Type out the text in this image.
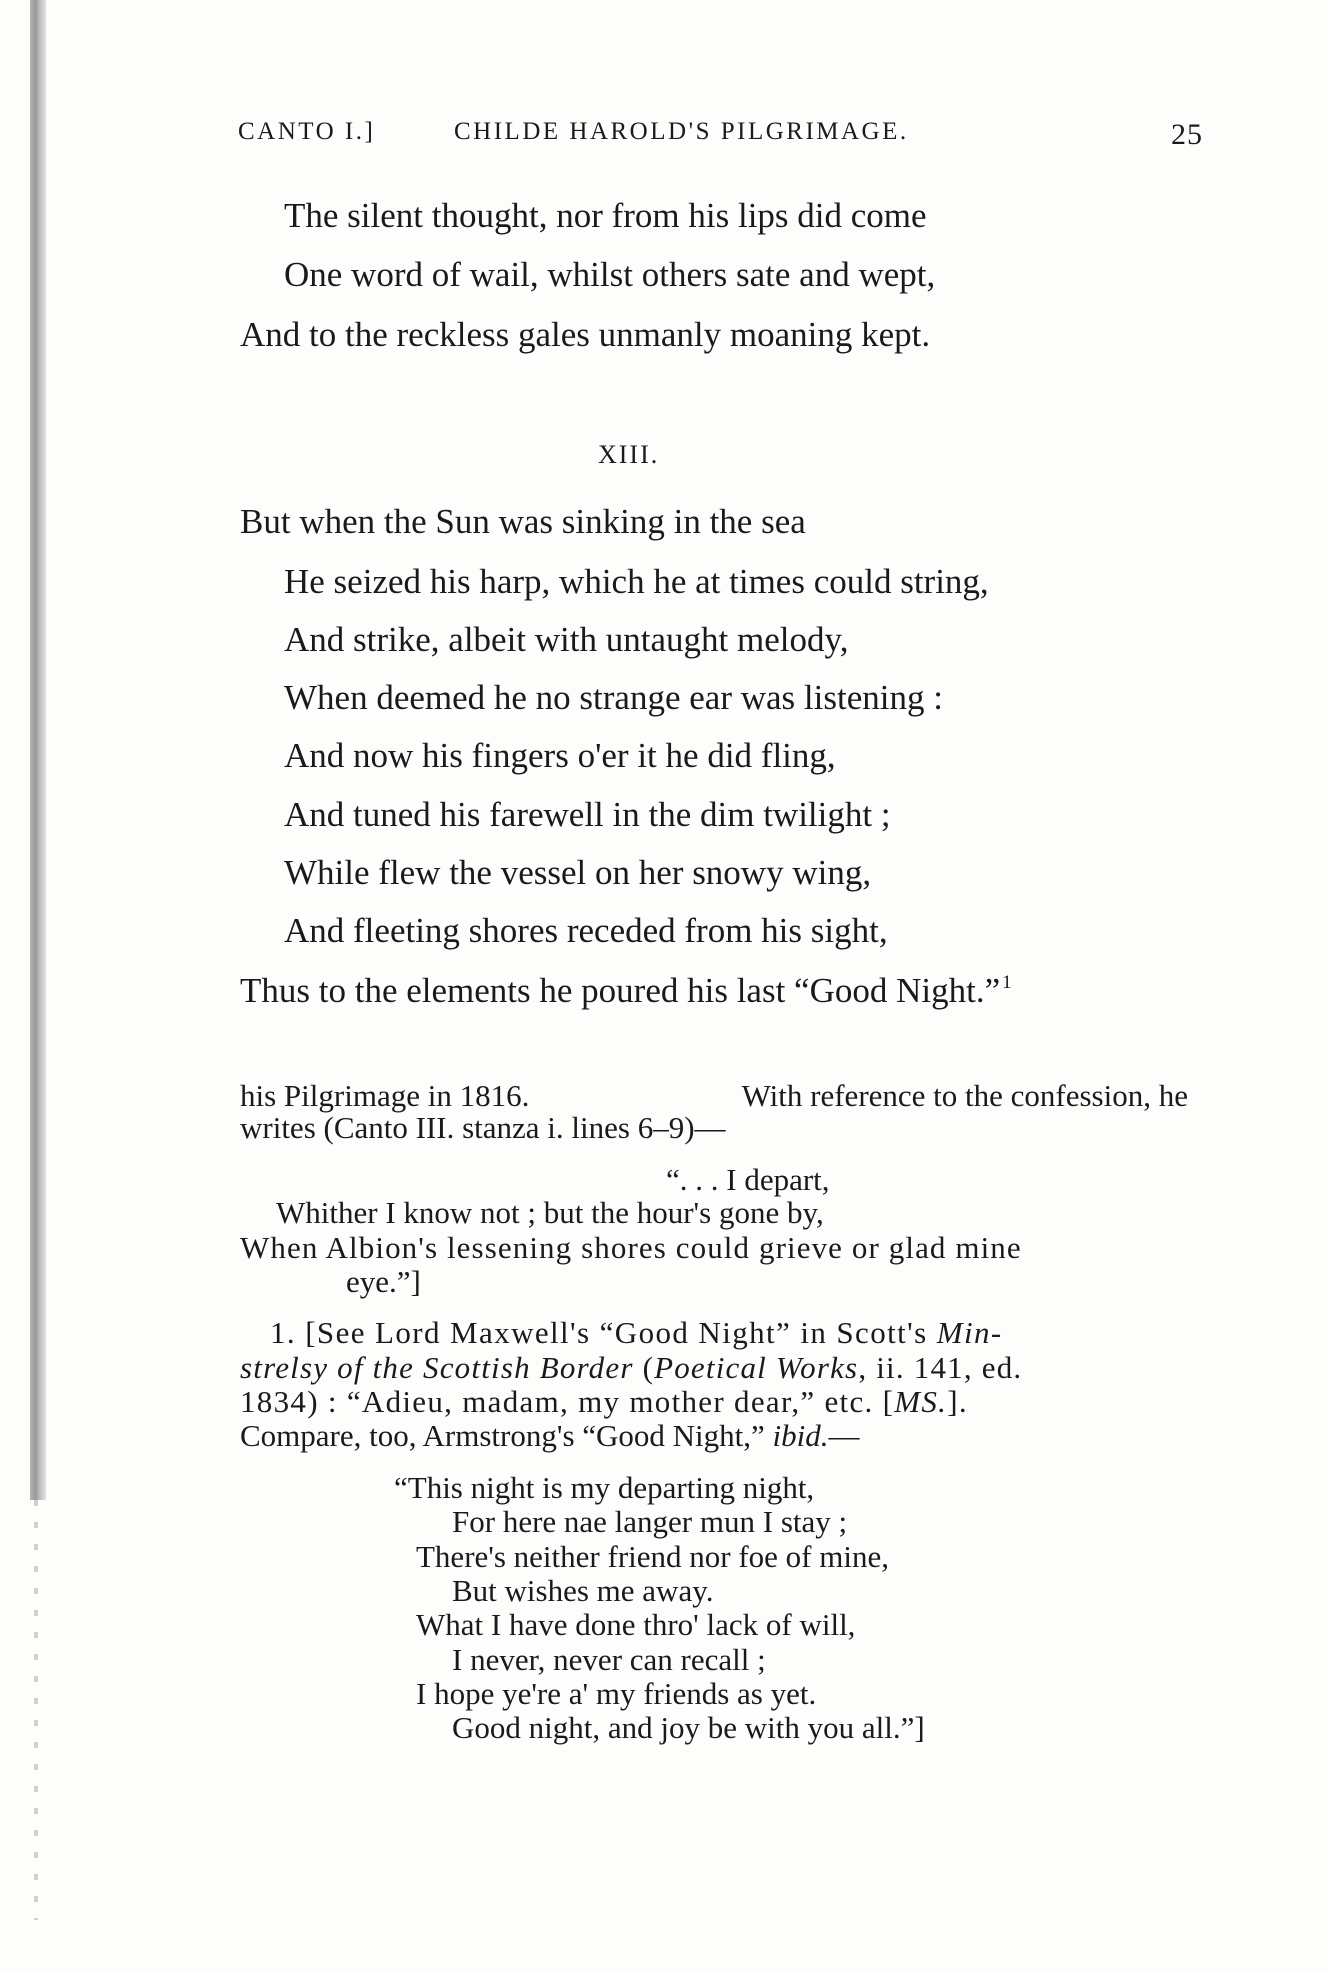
CANTO I.]	CHILDE HAROLD'S PILGRIMAGE.	25
The silent thought, nor from his lips did come
One word of wail, whilst others sate and wept,
And to the reckless gales unmanly moaning kept.
XIII.
But when the Sun was sinking in the sea
He seized his harp, which he at times could string,
And strike, albeit with untaught melody,
When deemed he no strange ear was listening :
And now his fingers o'er it he did fling,
And tuned his farewell in the dim twilight ;
While flew the vessel on her snowy wing,
And fleeting shores receded from his sight,
Thus to the elements he poured his last “Good Night.” $^1$
his Pilgrimage in 1816.	With reference to the confession, he
writes (Canto III. stanza i. lines 6–9)—
“. . . I depart,
Whither I know not ; but the hour's gone by,
When Albion's lessening shores could grieve or glad mine
eye.”]
1. [See Lord Maxwell's “Good Night” in Scott's Min-
strelsy of the Scottish Border (Poetical Works, ii. 141, ed.
1834) : “Adieu, madam, my mother dear,” etc. [MS.].
Compare, too, Armstrong's “Good Night,” ibid.—
“This night is my departing night,
For here nae langer mun I stay ;
There's neither friend nor foe of mine,
But wishes me away.
What I have done thro' lack of will,
I never, never can recall ;
I hope ye're a' my friends as yet.
Good night, and joy be with you all.”]
